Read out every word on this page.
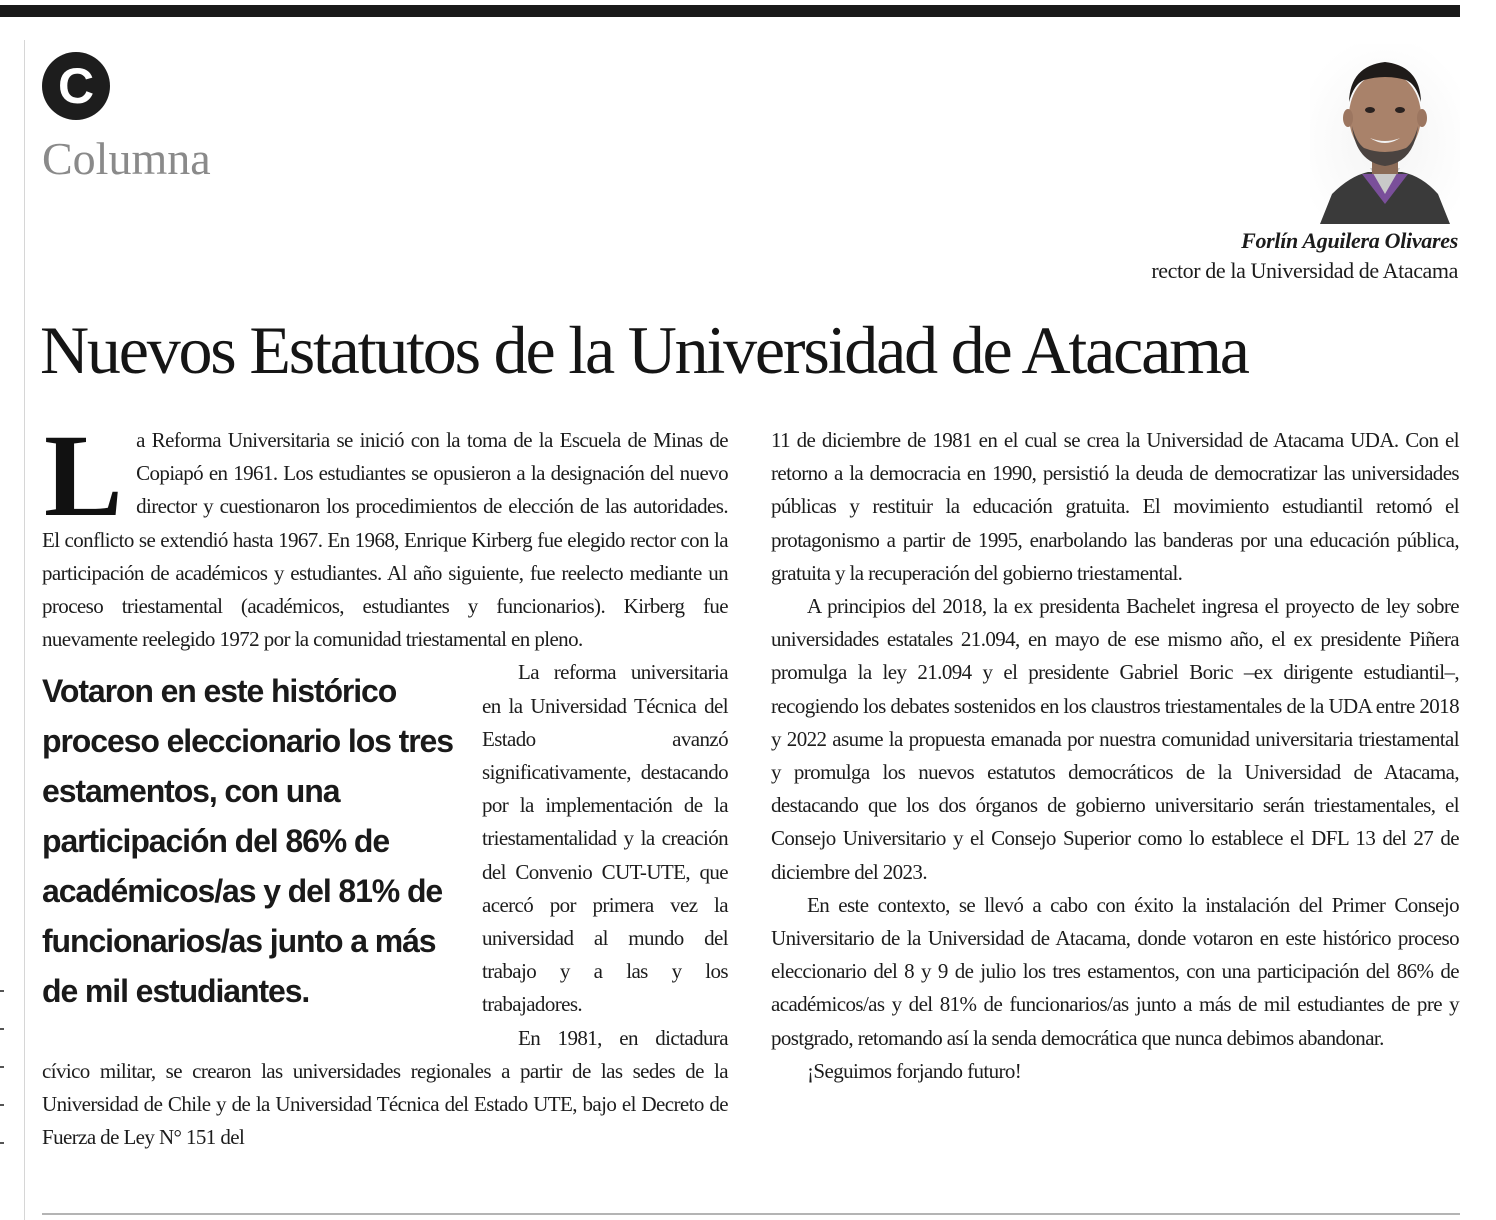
C
Columna
Forlín Aguilera Olivares
rector de la Universidad de Atacama
Nuevos Estatutos de la Universidad de Atacama

L a Reforma Universitaria se inició con la toma de la Escuela de Minas de Copiapó en 1961. Los estudiantes se opusieron a la designación del nuevo director y cuestionaron los procedimientos de elección de las autoridades. El conflicto se extendió hasta 1967. En 1968, Enrique Kirberg fue elegido rector con la participación de académicos y estudiantes. Al año siguiente, fue reelecto mediante un proceso triestamental (académicos, estudiantes y funcionarios). Kirberg fue nuevamente reelegido 1972 por la comunidad triestamental en pleno.

Votaron en este histórico proceso eleccionario los tres estamentos, con una participación del 86% de académicos/as y del 81% de funcionarios/as junto a más de mil estudiantes.

La reforma universitaria en la Universidad Técnica del Estado avanzó significativamente, destacando por la implementación de la triestamentalidad y la creación del Convenio CUT-UTE, que acercó por primera vez la universidad al mundo del trabajo y a las y los trabajadores.

En 1981, en dictadura cívico militar, se crearon las universidades regionales a partir de las sedes de la Universidad de Chile y de la Universidad Técnica del Estado UTE, bajo el Decreto de Fuerza de Ley N° 151 del

11 de diciembre de 1981 en el cual se crea la Universidad de Atacama UDA. Con el retorno a la democracia en 1990, persistió la deuda de democratizar las universidades públicas y restituir la educación gratuita. El movimiento estudiantil retomó el protagonismo a partir de 1995, enarbolando las banderas por una educación pública, gratuita y la recuperación del gobierno triestamental.

A principios del 2018, la ex presidenta Bachelet ingresa el proyecto de ley sobre universidades estatales 21.094, en mayo de ese mismo año, el ex presidente Piñera promulga la ley 21.094 y el presidente Gabriel Boric –ex dirigente estudiantil–, recogiendo los debates sostenidos en los claustros triestamentales de la UDA entre 2018 y 2022 asume la propuesta emanada por nuestra comunidad universitaria triestamental y promulga los nuevos estatutos democráticos de la Universidad de Atacama, destacando que los dos órganos de gobierno universitario serán triestamentales, el Consejo Universitario y el Consejo Superior como lo establece el DFL 13 del 27 de diciembre del 2023.

En este contexto, se llevó a cabo con éxito la instalación del Primer Consejo Universitario de la Universidad de Atacama, donde votaron en este histórico proceso eleccionario del 8 y 9 de julio los tres estamentos, con una participación del 86% de académicos/as y del 81% de funcionarios/as junto a más de mil estudiantes de pre y postgrado, retomando así la senda democrática que nunca debimos abandonar.

¡Seguimos forjando futuro!
